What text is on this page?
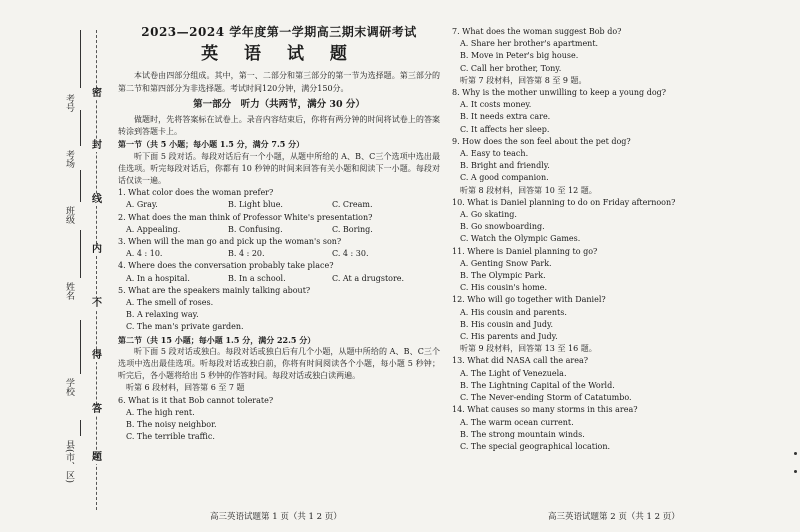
考号
考场
班级
姓名
学校
县(市、区)
密
封
线
内
不
得
答
题
2023—2024 学年度第一学期高三期末调研考试
英 语 试 题

本试卷由四部分组成。其中，第一、二部分和第三部分的第一节为选择题。第三部分的第二节和第四部分为非选择题。考试时间120分钟，满分150分。

第一部分　听力（共两节，满分 30 分）

做题时，先将答案标在试卷上。录音内容结束后，你将有两分钟的时间将试卷上的答案转涂到答题卡上。

第一节（共 5 小题；每小题 1.5 分，满分 7.5 分）

听下面 5 段对话。每段对话后有一个小题，从题中所给的 A、B、C三个选项中选出最佳选项。听完每段对话后，你都有 10 秒钟的时间来回答有关小题和阅读下一小题。每段对话仅读一遍。

1. What color does the woman prefer?

A. Gray.	B. Light blue.	C. Cream.

2. What does the man think of Professor White's presentation?

A. Appealing.	B. Confusing.	C. Boring.

3. When will the man go and pick up the woman's son?

A. 4 : 10.	B. 4 : 20.	C. 4 : 30.

4. Where does the conversation probably take place?

A. In a hospital.	B. In a school.	C. At a drugstore.

5. What are the speakers mainly talking about?

A. The smell of roses.

B. A relaxing way.

C. The man's private garden.

第二节（共 15 小题；每小题 1.5 分，满分 22.5 分）

听下面 5 段对话或独白。每段对话或独白后有几个小题，从题中所给的 A、B、C三个选项中选出最佳选项。听每段对话或独白前，你将有时间阅读各个小题，每小题 5 秒钟；听完后，各小题将给出 5 秒钟的作答时间。每段对话或独白读两遍。

听第 6 段材料，回答第 6 至 7 题

6. What is it that Bob cannot tolerate?

A. The high rent.

B. The noisy neighbor.

C. The terrible traffic.

7. What does the woman suggest Bob do?

A. Share her brother's apartment.

B. Move in Peter's big house.

C. Call her brother, Tony.

听第 7 段材料，回答第 8 至 9 题。

8. Why is the mother unwilling to keep a young dog?

A. It costs money.

B. It needs extra care.

C. It affects her sleep.

9. How does the son feel about the pet dog?

A. Easy to teach.

B. Bright and friendly.

C. A good companion.

听第 8 段材料，回答第 10 至 12 题。

10. What is Daniel planning to do on Friday afternoon?

A. Go skating.

B. Go snowboarding.

C. Watch the Olympic Games.

11. Where is Daniel planning to go?

A. Genting Snow Park.

B. The Olympic Park.

C. His cousin's home.

12. Who will go together with Daniel?

A. His cousin and parents.

B. His cousin and Judy.

C. His parents and Judy.

听第 9 段材料，回答第 13 至 16 题。

13. What did NASA call the area?

A. The Light of Venezuela.

B. The Lightning Capital of the World.

C. The Never-ending Storm of Catatumbo.

14. What causes so many storms in this area?

A. The warm ocean current.

B. The strong mountain winds.

C. The special geographical location.

高三英语试题第 1 页（共 1 2 页）	高三英语试题第 2 页（共 1 2 页）
